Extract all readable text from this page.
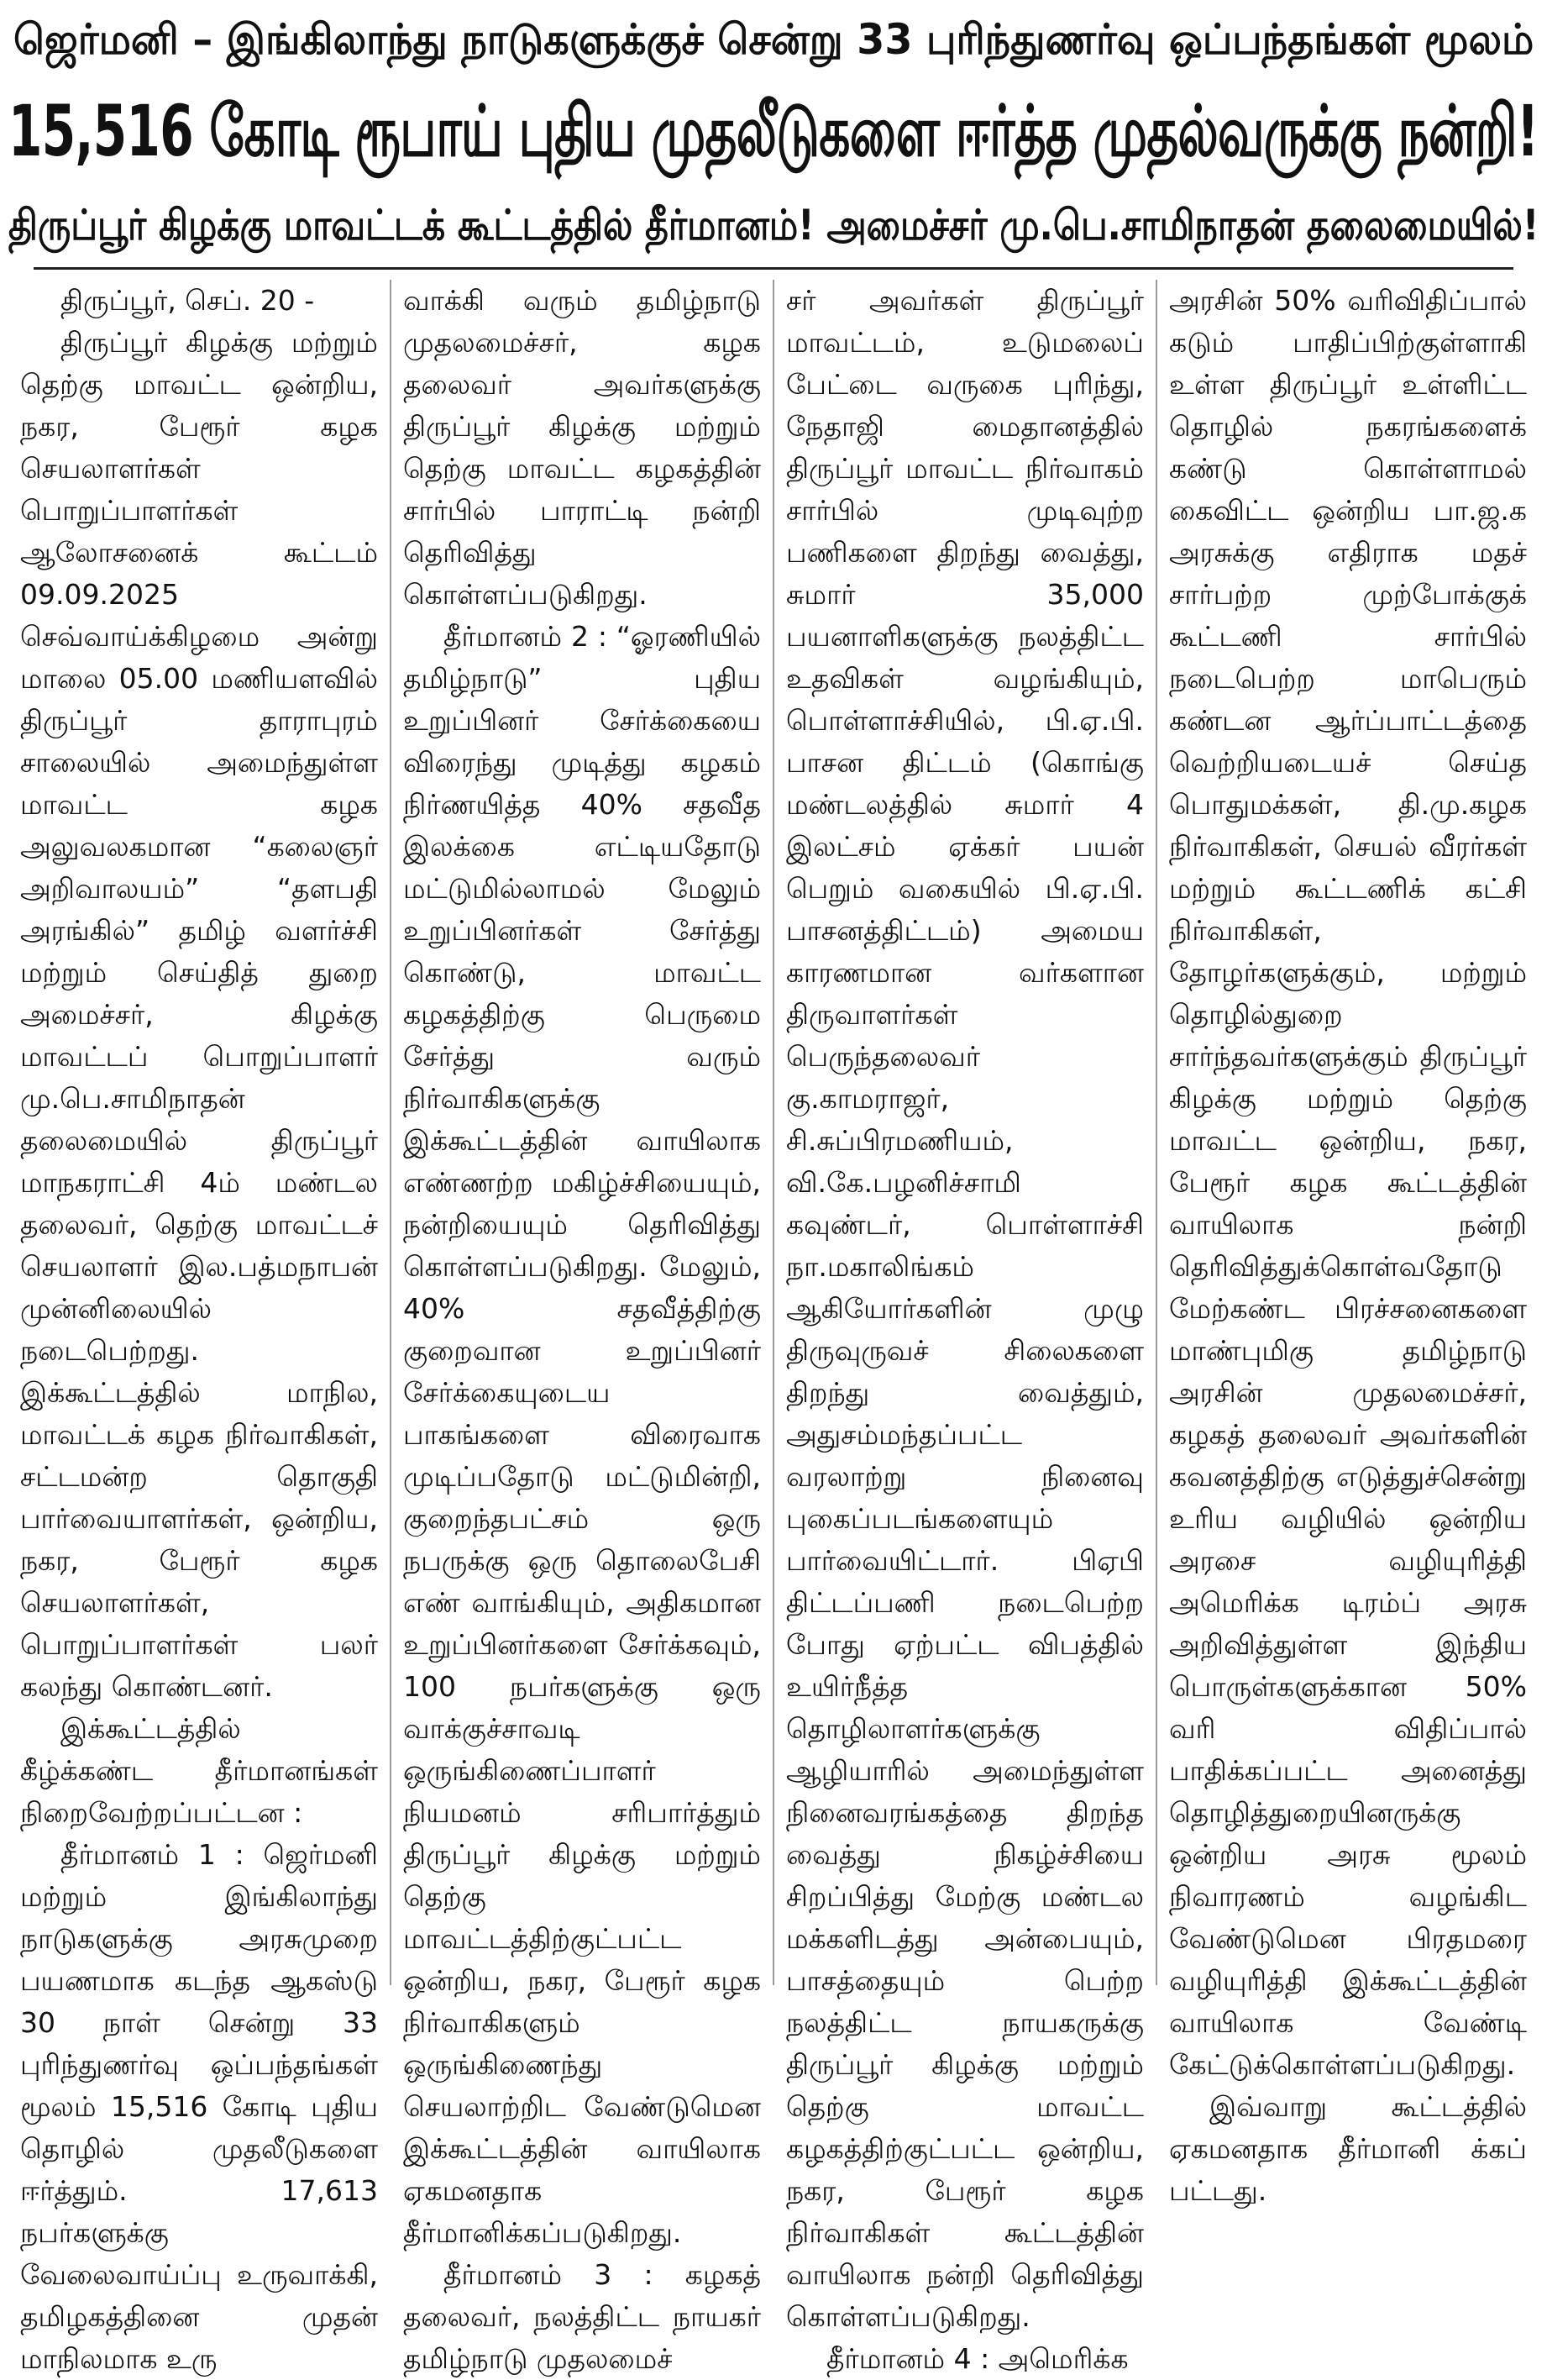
ஜெர்மனி – இங்கிலாந்து நாடுகளுக்குச் சென்று 33 புரிந்துணர்வு ஒப்பந்தங்கள் மூலம்
15,516 கோடி ரூபாய் புதிய முதலீடுகளை ஈர்த்த முதல்வருக்கு நன்றி!
திருப்பூர் கிழக்கு மாவட்டக் கூட்டத்தில் தீர்மானம்! அமைச்சர் மு.பெ.சாமிநாதன் தலைமையில்!

திருப்பூர், செப். 20 -

திருப்பூர் கிழக்கு மற்றும் தெற்கு மாவட்ட ஒன்றிய, நகர, பேரூர் கழக செயலாளர்கள் பொறுப்பாளர்கள் ஆலோசனைக் கூட்டம் 09.09.2025 செவ்வாய்க்கிழமை அன்று மாலை 05.00 மணியளவில் திருப்பூர் தாராபுரம் சாலையில் அமைந்துள்ள மாவட்ட கழக அலுவலகமான “கலைஞர் அறிவாலயம்” “தளபதி அரங்கில்” தமிழ் வளர்ச்சி மற்றும் செய்தித் துறை அமைச்சர், கிழக்கு மாவட்டப் பொறுப்பாளர் மு.பெ.சாமிநாதன் தலைமையில் திருப்பூர் மாநகராட்சி 4ம் மண்டல தலைவர், தெற்கு மாவட்டச் செயலாளர் இல.பத்மநாபன் முன்னிலையில் நடைபெற்றது. இக்கூட்டத்தில் மாநில, மாவட்டக் கழக நிர்வாகிகள், சட்டமன்ற தொகுதி பார்வையாளர்கள், ஒன்றிய, நகர, பேரூர் கழக செயலாளர்கள், பொறுப்பாளர்கள் பலர் கலந்து கொண்டனர்.

இக்கூட்டத்தில் கீழ்க்கண்ட தீர்மானங்கள் நிறைவேற்றப்பட்டன :

தீர்மானம் 1 : ஜெர்மனி மற்றும் இங்கிலாந்து நாடுகளுக்கு அரசுமுறை பயணமாக கடந்த ஆகஸ்டு 30 நாள் சென்று 33 புரிந்துணர்வு ஒப்பந்தங்கள் மூலம் 15,516 கோடி புதிய தொழில் முதலீடுகளை ஈர்த்தும். 17,613 நபர்களுக்கு வேலைவாய்ப்பு உருவாக்கி, தமிழகத்தினை முதன் மாநிலமாக உரு

வாக்கி வரும் தமிழ்நாடு முதலமைச்சர், கழக தலைவர் அவர்களுக்கு திருப்பூர் கிழக்கு மற்றும் தெற்கு மாவட்ட கழகத்தின் சார்பில் பாராட்டி நன்றி தெரிவித்து கொள்ளப்படுகிறது.

தீர்மானம் 2 : “ஓரணியில் தமிழ்நாடு” புதிய உறுப்பினர் சேர்க்கையை விரைந்து முடித்து கழகம் நிர்ணயித்த 40% சதவீத இலக்கை எட்டியதோடு மட்டுமில்லாமல் மேலும் உறுப்பினர்கள் சேர்த்து கொண்டு, மாவட்ட கழகத்திற்கு பெருமை சேர்த்து வரும் நிர்வாகிகளுக்கு இக்கூட்டத்தின் வாயிலாக எண்ணற்ற மகிழ்ச்சியையும், நன்றியையும் தெரிவித்து கொள்ளப்படுகிறது. மேலும், 40% சதவீத்திற்கு குறைவான உறுப்பினர் சேர்க்கையுடைய பாகங்களை விரைவாக முடிப்பதோடு மட்டுமின்றி, குறைந்தபட்சம் ஒரு நபருக்கு ஒரு தொலைபேசி எண் வாங்கியும், அதிகமான உறுப்பினர்களை சேர்க்கவும், 100 நபர்களுக்கு ஒரு வாக்குச்சாவடி ஒருங்கிணைப்பாளர் நியமனம் சரிபார்த்தும் திருப்பூர் கிழக்கு மற்றும் தெற்கு மாவட்டத்திற்குட்பட்ட ஒன்றிய, நகர, பேரூர் கழக நிர்வாகிகளும் ஒருங்கிணைந்து செயலாற்றிட வேண்டுமென இக்கூட்டத்தின் வாயிலாக ஏகமனதாக தீர்மானிக்கப்படுகிறது.

தீர்மானம் 3 : கழகத் தலைவர், நலத்திட்ட நாயகர் தமிழ்நாடு முதலமைச்

சர் அவர்கள் திருப்பூர் மாவட்டம், உடுமலைப் பேட்டை வருகை புரிந்து, நேதாஜி மைதானத்தில் திருப்பூர் மாவட்ட நிர்வாகம் சார்பில் முடிவுற்ற பணிகளை திறந்து வைத்து, சுமார் 35,000 பயனாளிகளுக்கு நலத்திட்ட உதவிகள் வழங்கியும், பொள்ளாச்சியில், பி.ஏ.பி. பாசன திட்டம் (கொங்கு மண்டலத்தில் சுமார் 4 இலட்சம் ஏக்கர் பயன் பெறும் வகையில் பி.ஏ.பி. பாசனத்திட்டம்) அமைய காரணமான வர்களான திருவாளர்கள் பெருந்தலைவர் கு.காமராஜர், சி.சுப்பிரமணியம், வி.கே.பழனிச்சாமி கவுண்டர், பொள்ளாச்சி நா.மகாலிங்கம் ஆகியோர்களின் முழு திருவுருவச் சிலைகளை திறந்து வைத்தும், அதுசம்மந்தப்பட்ட வரலாற்று நினைவு புகைப்படங்களையும் பார்வையிட்டார். பிஏபி திட்டப்பணி நடைபெற்ற போது ஏற்பட்ட விபத்தில் உயிர்நீத்த தொழிலாளர்களுக்கு ஆழியாரில் அமைந்துள்ள நினைவரங்கத்தை திறந்த வைத்து நிகழ்ச்சியை சிறப்பித்து மேற்கு மண்டல மக்களிடத்து அன்பையும், பாசத்தையும் பெற்ற நலத்திட்ட நாயகருக்கு திருப்பூர் கிழக்கு மற்றும் தெற்கு மாவட்ட கழகத்திற்குட்பட்ட ஒன்றிய, நகர, பேரூர் கழக நிர்வாகிகள் கூட்டத்தின் வாயிலாக நன்றி தெரிவித்து கொள்ளப்படுகிறது.

தீர்மானம் 4 : அமெரிக்க

அரசின் 50% வரிவிதிப்பால் கடும் பாதிப்பிற்குள்ளாகி உள்ள திருப்பூர் உள்ளிட்ட தொழில் நகரங்களைக் கண்டு கொள்ளாமல் கைவிட்ட ஒன்றிய பா.ஜ.க அரசுக்கு எதிராக மதச் சார்பற்ற முற்போக்குக் கூட்டணி சார்பில் நடைபெற்ற மாபெரும் கண்டன ஆர்ப்பாட்டத்தை வெற்றியடையச் செய்த பொதுமக்கள், தி.மு.கழக நிர்வாகிகள், செயல் வீரர்கள் மற்றும் கூட்டணிக் கட்சி நிர்வாகிகள், தோழர்களுக்கும், மற்றும் தொழில்துறை சார்ந்தவர்களுக்கும் திருப்பூர் கிழக்கு மற்றும் தெற்கு மாவட்ட ஒன்றிய, நகர, பேரூர் கழக கூட்டத்தின் வாயிலாக நன்றி தெரிவித்துக்கொள்வதோடு மேற்கண்ட பிரச்சனைகளை மாண்புமிகு தமிழ்நாடு அரசின் முதலமைச்சர், கழகத் தலைவர் அவர்களின் கவனத்திற்கு எடுத்துச்சென்று உரிய வழியில் ஒன்றிய அரசை வழியுரித்தி அமெரிக்க டிரம்ப் அரசு அறிவித்துள்ள இந்திய பொருள்களுக்கான 50% வரி விதிப்பால் பாதிக்கப்பட்ட அனைத்து தொழித்துறையினருக்கு ஒன்றிய அரசு மூலம் நிவாரணம் வழங்கிட வேண்டுமென பிரதமரை வழியுரித்தி இக்கூட்டத்தின் வாயிலாக வேண்டி கேட்டுக்கொள்ளப்படுகிறது.

இவ்வாறு கூட்டத்தில் ஏகமனதாக தீர்மானி க்கப் பட்டது.
